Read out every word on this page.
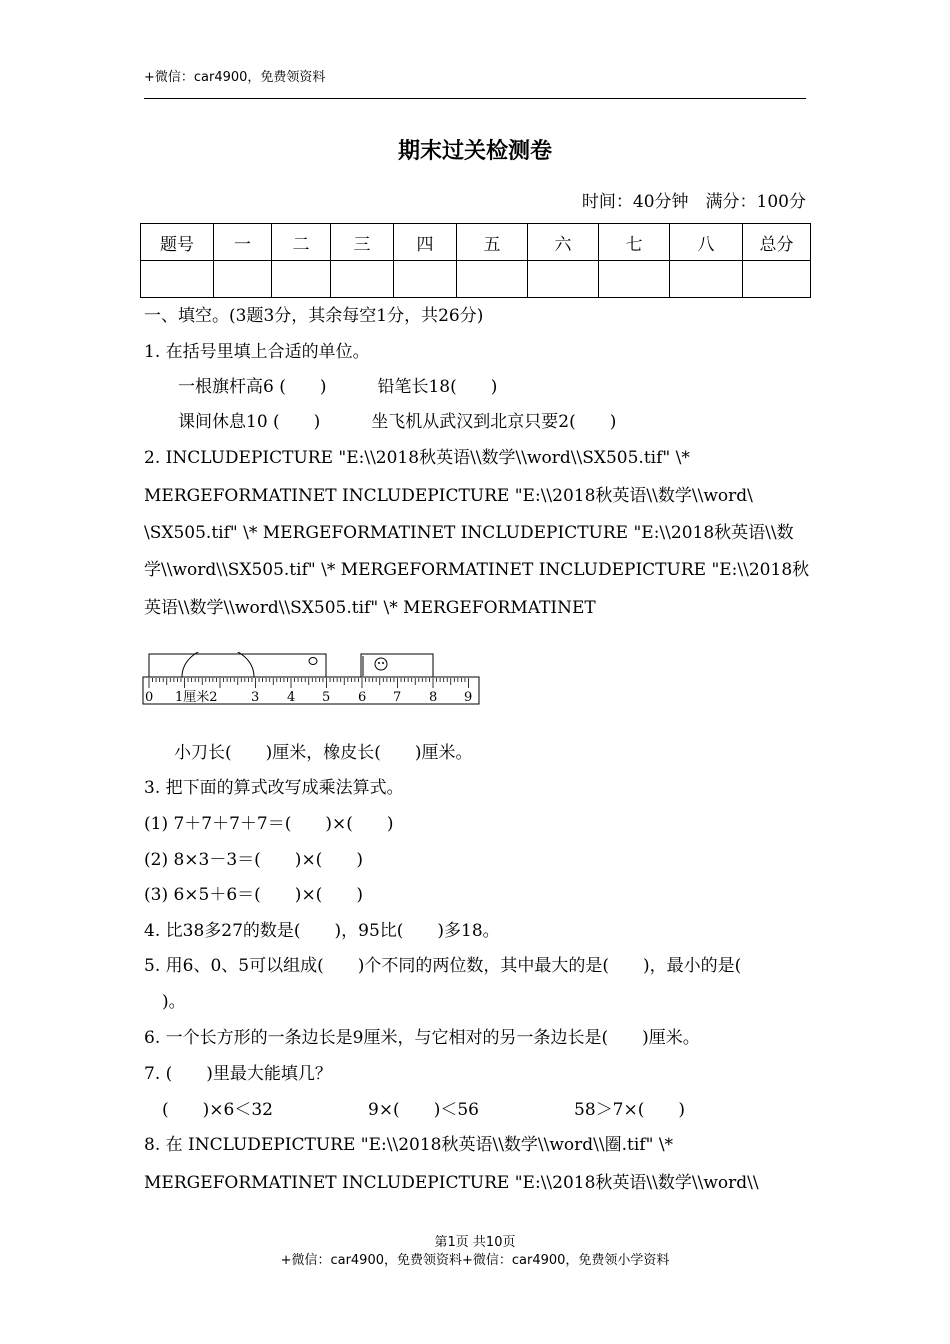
+微信：car4900，免费领资料
期末过关检测卷
时间：40分钟　满分：100分
题号	一	二	三	四	五	六	七	八	总分

一、填空。(3题3分，其余每空1分，共26分)
1. 在括号里填上合适的单位。
一根旗杆高6 (　　)　　　铅笔长18(　　)
课间休息10 (　　)　　　坐飞机从武汉到北京只要2(　　)
2. INCLUDEPICTURE "E:\\2018秋英语\\数学\\word\\SX505.tif" \*
MERGEFORMATINET INCLUDEPICTURE "E:\\2018秋英语\\数学\\word\
\SX505.tif" \* MERGEFORMATINET INCLUDEPICTURE "E:\\2018秋英语\\数
学\\word\\SX505.tif" \* MERGEFORMATINET INCLUDEPICTURE "E:\\2018秋
英语\\数学\\word\\SX505.tif" \* MERGEFORMATINET
0 1厘米2	3 4 5 6 7 8 9
小刀长(　　)厘米，橡皮长(　　)厘米。
3. 把下面的算式改写成乘法算式。
(1) 7＋7＋7＋7＝(　　)×(　　)
(2) 8×3－3＝(　　)×(　　)
(3) 6×5＋6＝(　　)×(　　)
4. 比38多27的数是(　　)，95比(　　)多18。
5. 用6、0、5可以组成(　　)个不同的两位数，其中最大的是(　　)，最小的是(
)。
6. 一个长方形的一条边长是9厘米，与它相对的另一条边长是(　　)厘米。
7. (　　)里最大能填几？
(　　)×6＜32	9×(　　)＜56	58＞7×(　　)
8. 在 INCLUDEPICTURE "E:\\2018秋英语\\数学\\word\\圈.tif" \*
MERGEFORMATINET INCLUDEPICTURE "E:\\2018秋英语\\数学\\word\\
第1页 共10页
+微信：car4900，免费领资料+微信：car4900，免费领小学资料
